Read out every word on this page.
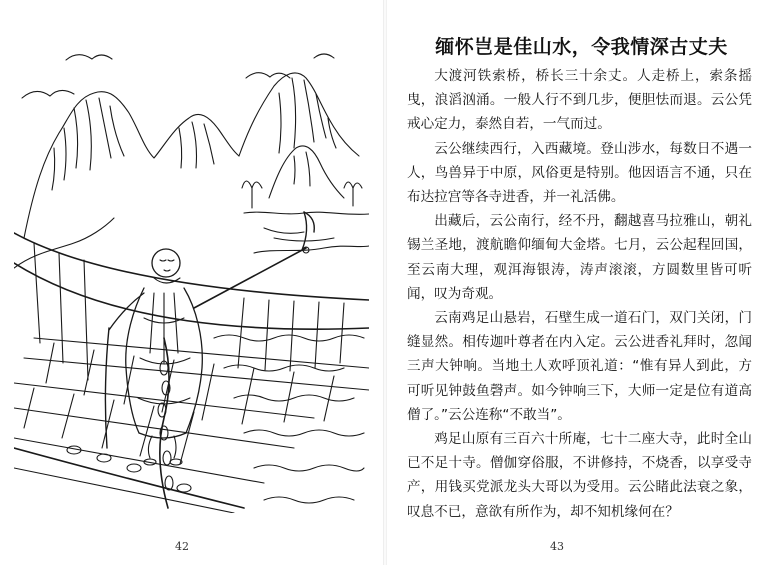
42
缅怀岂是佳山水，令我情深古丈夫

大渡河铁索桥，桥长三十余丈。人走桥上，索条摇曳，浪滔汹涌。一般人行不到几步，便胆怯而退。云公凭戒心定力，泰然自若，一气而过。

云公继续西行，入西藏境。登山涉水，每数日不遇一人，鸟兽异于中原，风俗更是特别。他因语言不通，只在布达拉宫等各寺进香，并一礼活佛。

出藏后，云公南行，经不丹，翻越喜马拉雅山，朝礼锡兰圣地，渡航瞻仰缅甸大金塔。七月，云公起程回国，至云南大理，观洱海银涛，涛声滚滚，方圆数里皆可听闻，叹为奇观。

云南鸡足山悬岩，石壁生成一道石门，双门关闭，门缝显然。相传迦叶尊者在内入定。云公进香礼拜时，忽闻三声大钟响。当地土人欢呼顶礼道：“惟有异人到此，方可听见钟鼓鱼磬声。如今钟响三下，大师一定是位有道高僧了。”云公连称“不敢当”。

鸡足山原有三百六十所庵，七十二座大寺，此时全山已不足十寺。僧伽穿俗服，不讲修持，不烧香，以享受寺产，用钱买党派龙头大哥以为受用。云公睹此法衰之象，叹息不已，意欲有所作为，却不知机缘何在？

43
